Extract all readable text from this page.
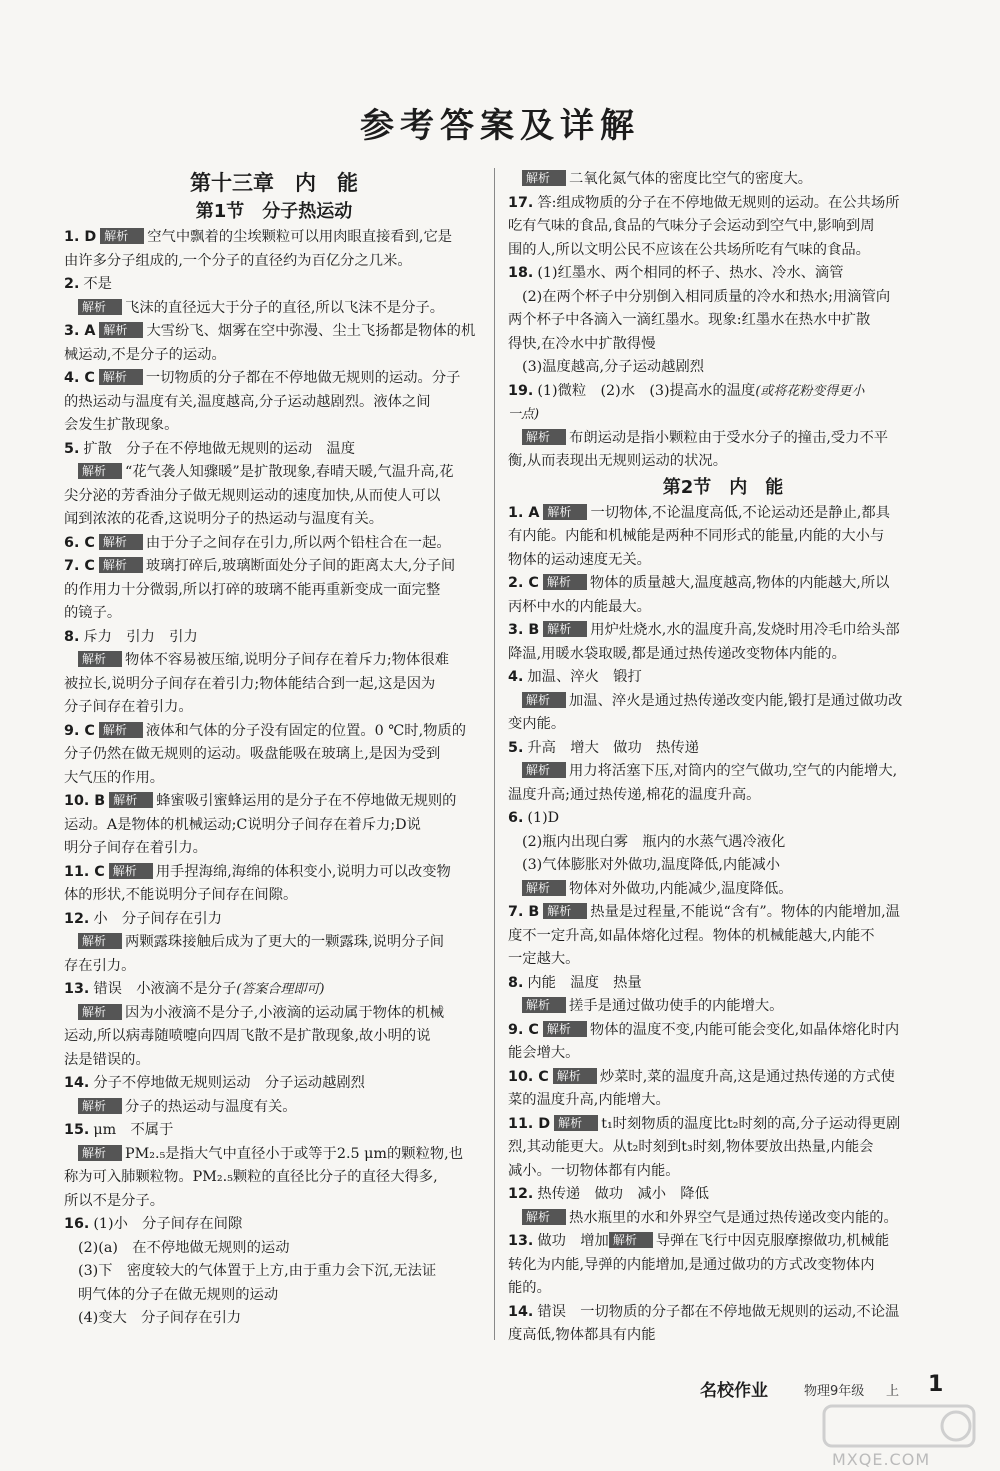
参考答案及详解
第十三章　内　能
第1节　分子热运动
1. D 解析 空气中飘着的尘埃颗粒可以用肉眼直接看到,它是
由许多分子组成的,一个分子的直径约为百亿分之几米。
2. 不是
解析 飞沫的直径远大于分子的直径,所以飞沫不是分子。
3. A 解析 大雪纷飞、烟雾在空中弥漫、尘土飞扬都是物体的机
械运动,不是分子的运动。
4. C 解析 一切物质的分子都在不停地做无规则的运动。分子
的热运动与温度有关,温度越高,分子运动越剧烈。液体之间
会发生扩散现象。
5. 扩散　分子在不停地做无规则的运动　温度
解析 “花气袭人知骤暖”是扩散现象,春晴天暖,气温升高,花
尖分泌的芳香油分子做无规则运动的速度加快,从而使人可以
闻到浓浓的花香,这说明分子的热运动与温度有关。
6. C 解析 由于分子之间存在引力,所以两个铅柱合在一起。
7. C 解析 玻璃打碎后,玻璃断面处分子间的距离太大,分子间
的作用力十分微弱,所以打碎的玻璃不能再重新变成一面完整
的镜子。
8. 斥力　引力　引力
解析 物体不容易被压缩,说明分子间存在着斥力;物体很难
被拉长,说明分子间存在着引力;物体能结合到一起,这是因为
分子间存在着引力。
9. C 解析 液体和气体的分子没有固定的位置。0 ℃时,物质的
分子仍然在做无规则的运动。吸盘能吸在玻璃上,是因为受到
大气压的作用。
10. B 解析 蜂蜜吸引蜜蜂运用的是分子在不停地做无规则的
运动。A是物体的机械运动;C说明分子间存在着斥力;D说
明分子间存在着引力。
11. C 解析 用手捏海绵,海绵的体积变小,说明力可以改变物
体的形状,不能说明分子间存在间隙。
12. 小　分子间存在引力
解析 两颗露珠接触后成为了更大的一颗露珠,说明分子间
存在引力。
13. 错误　小液滴不是分子(答案合理即可)
解析 因为小液滴不是分子,小液滴的运动属于物体的机械
运动,所以病毒随喷嚏向四周飞散不是扩散现象,故小明的说
法是错误的。
14. 分子不停地做无规则运动　分子运动越剧烈
解析 分子的热运动与温度有关。
15. μm　不属于
解析 PM₂.₅是指大气中直径小于或等于2.5 μm的颗粒物,也
称为可入肺颗粒物。PM₂.₅颗粒的直径比分子的直径大得多,
所以不是分子。
16. (1)小　分子间存在间隙
(2)(a)　在不停地做无规则的运动
(3)下　密度较大的气体置于上方,由于重力会下沉,无法证
明气体的分子在做无规则的运动
(4)变大　分子间存在引力
解析 二氧化氮气体的密度比空气的密度大。
17. 答:组成物质的分子在不停地做无规则的运动。在公共场所
吃有气味的食品,食品的气味分子会运动到空气中,影响到周
围的人,所以文明公民不应该在公共场所吃有气味的食品。
18. (1)红墨水、两个相同的杯子、热水、冷水、滴管
(2)在两个杯子中分别倒入相同质量的冷水和热水;用滴管向
两个杯子中各滴入一滴红墨水。现象:红墨水在热水中扩散
得快,在冷水中扩散得慢
(3)温度越高,分子运动越剧烈
19. (1)微粒　(2)水　(3)提高水的温度(或将花粉变得更小
一点)
解析 布朗运动是指小颗粒由于受水分子的撞击,受力不平
衡,从而表现出无规则运动的状况。
第2节　内　能
1. A 解析 一切物体,不论温度高低,不论运动还是静止,都具
有内能。内能和机械能是两种不同形式的能量,内能的大小与
物体的运动速度无关。
2. C 解析 物体的质量越大,温度越高,物体的内能越大,所以
丙杯中水的内能最大。
3. B 解析 用炉灶烧水,水的温度升高,发烧时用冷毛巾给头部
降温,用暖水袋取暖,都是通过热传递改变物体内能的。
4. 加温、淬火　锻打
解析 加温、淬火是通过热传递改变内能,锻打是通过做功改
变内能。
5. 升高　增大　做功　热传递
解析 用力将活塞下压,对筒内的空气做功,空气的内能增大,
温度升高;通过热传递,棉花的温度升高。
6. (1)D
(2)瓶内出现白雾　瓶内的水蒸气遇冷液化
(3)气体膨胀对外做功,温度降低,内能减小
解析 物体对外做功,内能减少,温度降低。
7. B 解析 热量是过程量,不能说“含有”。物体的内能增加,温
度不一定升高,如晶体熔化过程。物体的机械能越大,内能不
一定越大。
8. 内能　温度　热量
解析 搓手是通过做功使手的内能增大。
9. C 解析 物体的温度不变,内能可能会变化,如晶体熔化时内
能会增大。
10. C 解析 炒菜时,菜的温度升高,这是通过热传递的方式使
菜的温度升高,内能增大。
11. D 解析 t₁时刻物质的温度比t₂时刻的高,分子运动得更剧
烈,其动能更大。从t₂时刻到t₃时刻,物体要放出热量,内能会
减小。一切物体都有内能。
12. 热传递　做功　减小　降低
解析 热水瓶里的水和外界空气是通过热传递改变内能的。
13. 做功　增加 解析 导弹在飞行中因克服摩擦做功,机械能
转化为内能,导弹的内能增加,是通过做功的方式改变物体内
能的。
14. 错误　一切物质的分子都在不停地做无规则的运动,不论温
度高低,物体都具有内能
名校作业	物理9年级 上 1
MXQE.COM
